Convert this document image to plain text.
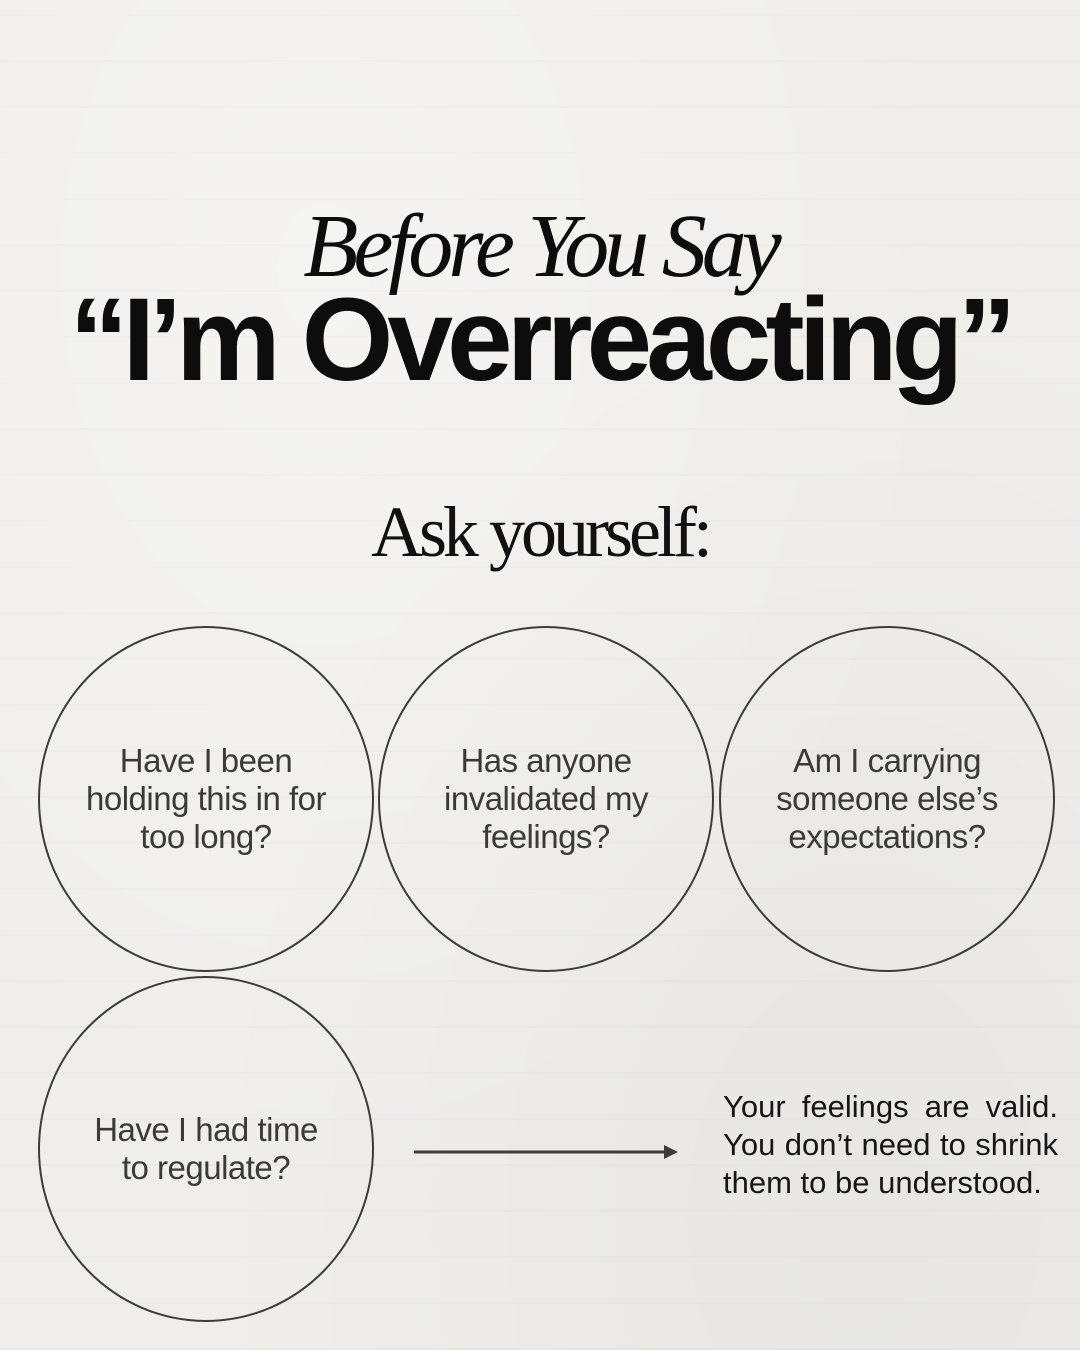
Before You Say
“I’m Overreacting”
Ask yourself:
Have I been holding this in for too long?
Has anyone invalidated my feelings?
Am I carrying someone else’s expectations?
Have I had time to regulate?

Your feelings are valid. You don’t need to shrink them to be understood.
